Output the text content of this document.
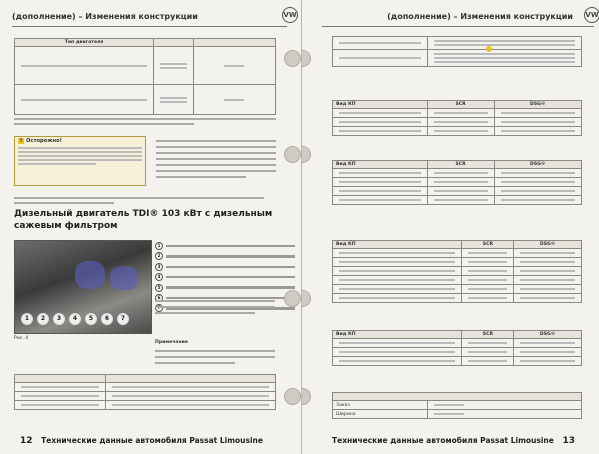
(дополнение) – Изменения конструкции	VW
Тип двигателя		

! Осторожно!
Дизельный двигатель TDI® 103 кВт с дизельным сажевым фильтром
1	2	3	4	5	6	7
Рис. 4
1
2
3
4
5
6
Примечание

12 Технические данные автомобиля Passat Limousine
(дополнение) – Изменения конструкции VW

Вид КП	SCR	DSG®

Вид КП	SCR	DSG®

Вид КП	SCR	DSG®

Вид КП	SCR	DSG®

Заказ	

Ширина	
Технические данные автомобиля Passat Limousine 13
